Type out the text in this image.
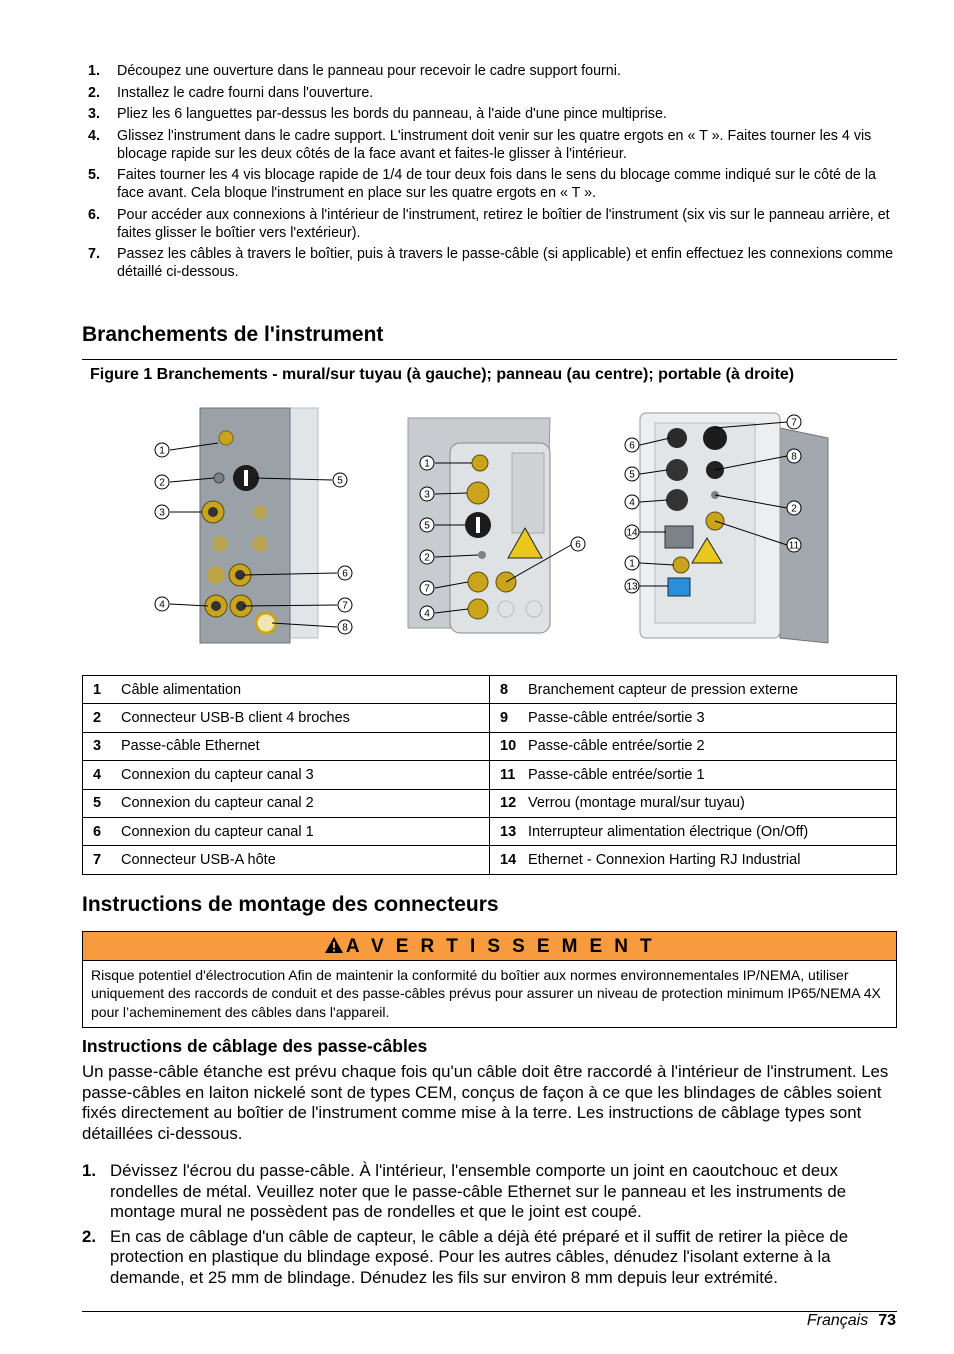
1. Découpez une ouverture dans le panneau pour recevoir le cadre support fourni.
2. Installez le cadre fourni dans l'ouverture.
3. Pliez les 6 languettes par-dessus les bords du panneau, à l'aide d'une pince multiprise.
4. Glissez l'instrument dans le cadre support. L'instrument doit venir sur les quatre ergots en « T ». Faites tourner les 4 vis blocage rapide sur les deux côtés de la face avant et faites-le glisser à l'intérieur.
5. Faites tourner les 4 vis blocage rapide de 1/4 de tour deux fois dans le sens du blocage comme indiqué sur le côté de la face avant. Cela bloque l'instrument en place sur les quatre ergots en « T ».
6. Pour accéder aux connexions à l'intérieur de l'instrument, retirez le boîtier de l'instrument (six vis sur le panneau arrière, et faites glisser le boîtier vers l'extérieur).
7. Passez les câbles à travers le boîtier, puis à travers le passe-câble (si applicable) et enfin effectuez les connexions comme détaillé ci-dessous.
Branchements de l'instrument
Figure 1 Branchements - mural/sur tuyau (à gauche); panneau (au centre); portable (à droite)
1
2
3
4
5
6
7
8
1
3
5
2
7
4
6
7
6
8
5
4
2
14
11
1
13
1 Câble alimentation	8 Branchement capteur de pression externe
2 Connecteur USB-B client 4 broches	9 Passe-câble entrée/sortie 3
3 Passe-câble Ethernet	10 Passe-câble entrée/sortie 2
4 Connexion du capteur canal 3	11 Passe-câble entrée/sortie 1
5 Connexion du capteur canal 2	12 Verrou (montage mural/sur tuyau)
6 Connexion du capteur canal 1	13 Interrupteur alimentation électrique (On/Off)
7 Connecteur USB-A hôte	14 Ethernet - Connexion Harting RJ Industrial
Instructions de montage des connecteurs
A V E R T I S S E M E N T
Risque potentiel d'électrocution Afin de maintenir la conformité du boîtier aux normes environnementales IP/NEMA, utiliser uniquement des raccords de conduit et des passe-câbles prévus pour assurer un niveau de protection minimum IP65/NEMA 4X pour l’acheminement des câbles dans l'appareil.
Instructions de câblage des passe-câbles

Un passe-câble étanche est prévu chaque fois qu'un câble doit être raccordé à l'intérieur de l'instrument. Les passe-câbles en laiton nickelé sont de types CEM, conçus de façon à ce que les blindages de câbles soient fixés directement au boîtier de l'instrument comme mise à la terre. Les instructions de câblage types sont détaillées ci-dessous.

1. Dévissez l'écrou du passe-câble. À l'intérieur, l'ensemble comporte un joint en caoutchouc et deux rondelles de métal. Veuillez noter que le passe-câble Ethernet sur le panneau et les instruments de montage mural ne possèdent pas de rondelles et que le joint est coupé.
2. En cas de câblage d'un câble de capteur, le câble a déjà été préparé et il suffit de retirer la pièce de protection en plastique du blindage exposé. Pour les autres câbles, dénudez l'isolant externe à la demande, et 25 mm de blindage. Dénudez les fils sur environ 8 mm depuis leur extrémité.
Français 73
